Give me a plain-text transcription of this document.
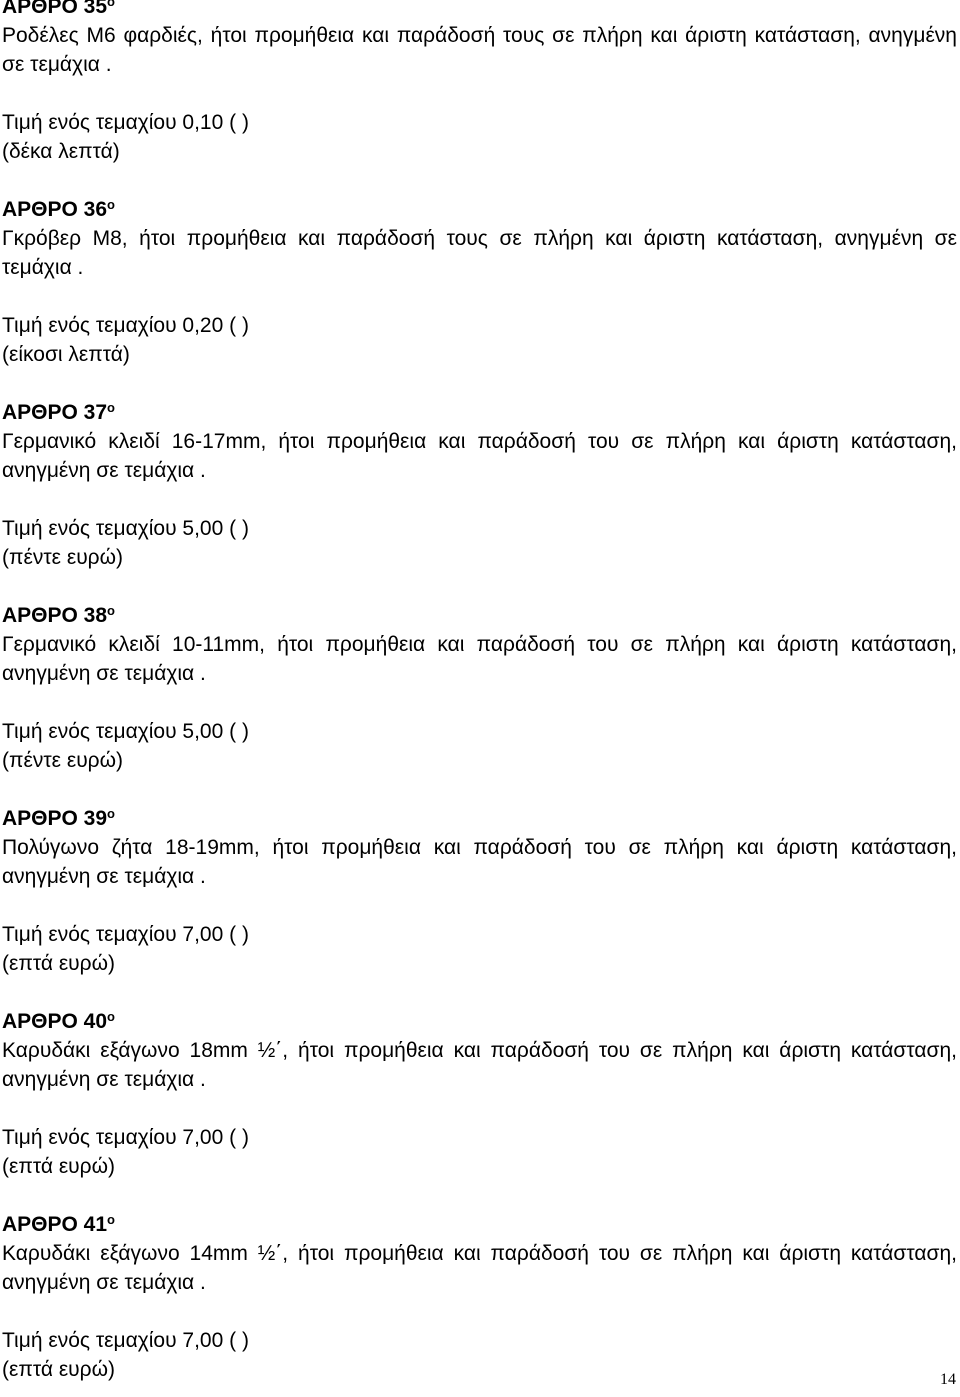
ΑΡΘΡΟ $35^o$

Ροδέλες Μ6 φαρδιές, ήτοι προμήθεια και παράδοσή τους σε πλήρη και άριστη κατάσταση, ανηγμένη σε τεμάχια .

Τιμή ενός τεμαχίου 0,10 ( )

(δέκα λεπτά)

ΑΡΘΡΟ $36^o$

Γκρόβερ Μ8, ήτοι προμήθεια και παράδοσή τους σε πλήρη και άριστη κατάσταση, ανηγμένη σε τεμάχια .

Τιμή ενός τεμαχίου 0,20 ( )

(είκοσι λεπτά)

ΑΡΘΡΟ $37^o$

Γερμανικό κλειδί 16-17mm, ήτοι προμήθεια και παράδοσή του σε πλήρη και άριστη κατάσταση, ανηγμένη σε τεμάχια .

Τιμή ενός τεμαχίου 5,00 ( )

(πέντε ευρώ)

ΑΡΘΡΟ $38^o$

Γερμανικό κλειδί 10-11mm, ήτοι προμήθεια και παράδοσή του σε πλήρη και άριστη κατάσταση, ανηγμένη σε τεμάχια .

Τιμή ενός τεμαχίου 5,00 ( )

(πέντε ευρώ)

ΑΡΘΡΟ $39^o$

Πολύγωνο ζήτα 18-19mm, ήτοι προμήθεια και παράδοσή του σε πλήρη και άριστη κατάσταση, ανηγμένη σε τεμάχια .

Τιμή ενός τεμαχίου 7,00 ( )

(επτά ευρώ)

ΑΡΘΡΟ $40^o$

Καρυδάκι εξάγωνο 18mm ½΄, ήτοι προμήθεια και παράδοσή του σε πλήρη και άριστη κατάσταση, ανηγμένη σε τεμάχια .

Τιμή ενός τεμαχίου 7,00 ( )

(επτά ευρώ)

ΑΡΘΡΟ $41^o$

Καρυδάκι εξάγωνο 14mm ½΄, ήτοι προμήθεια και παράδοσή του σε πλήρη και άριστη κατάσταση, ανηγμένη σε τεμάχια .

Τιμή ενός τεμαχίου 7,00 ( )

(επτά ευρώ)	14
